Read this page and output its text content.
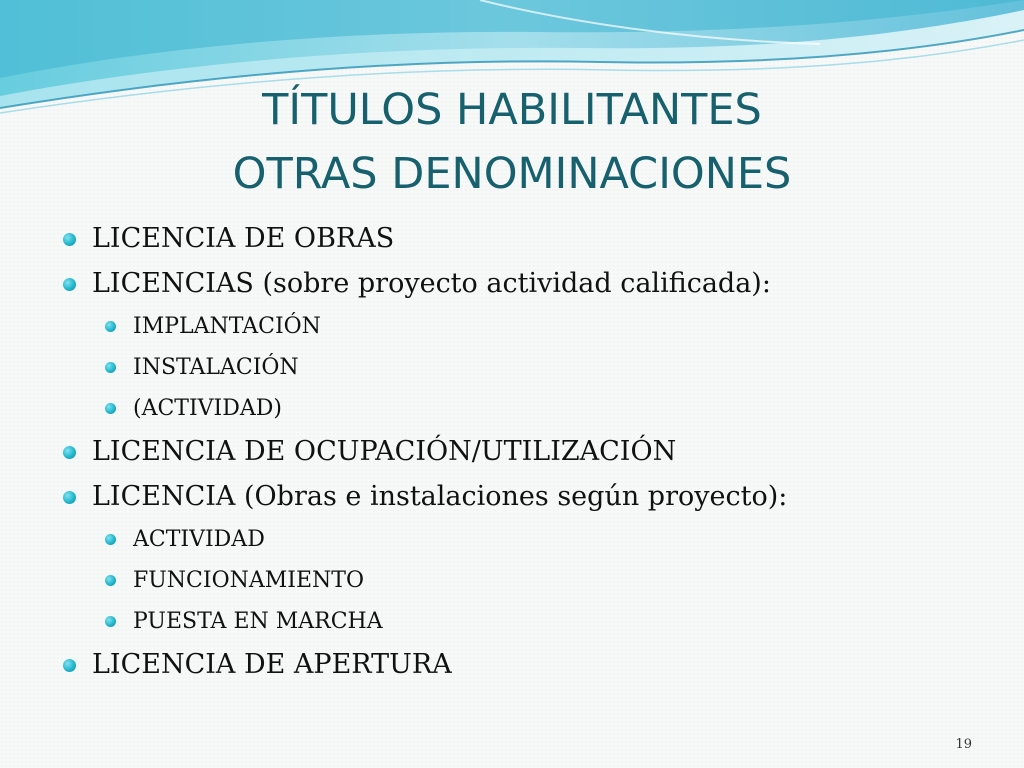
TÍTULOS HABILITANTES
OTRAS DENOMINACIONES
LICENCIA DE OBRAS
LICENCIAS (sobre proyecto actividad calificada):
IMPLANTACIÓN
INSTALACIÓN
(ACTIVIDAD)
LICENCIA DE OCUPACIÓN/UTILIZACIÓN
LICENCIA (Obras e instalaciones según proyecto):
ACTIVIDAD
FUNCIONAMIENTO
PUESTA EN MARCHA
LICENCIA DE APERTURA
19
